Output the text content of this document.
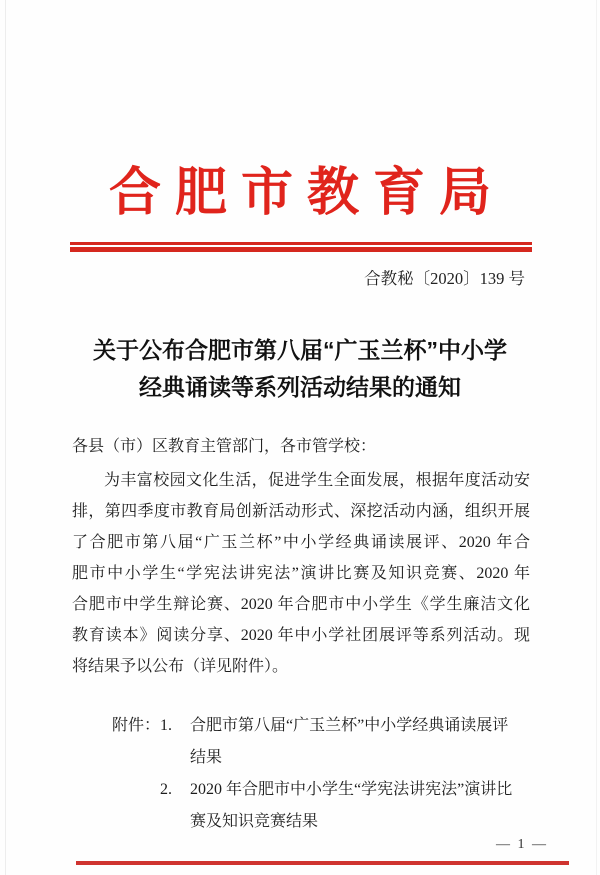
合肥市教育局
合教秘〔2020〕139 号
关于公布合肥市第八届“广玉兰杯”中小学
经典诵读等系列活动结果的通知
各县（市）区教育主管部门，各市管学校：
为丰富校园文化生活，促进学生全面发展，根据年度活动安
排，第四季度市教育局创新活动形式、深挖活动内涵，组织开展
了合肥市第八届“广玉兰杯”中小学经典诵读展评、2020 年合
肥市中小学生“学宪法讲宪法”演讲比赛及知识竞赛、2020 年
合肥市中学生辩论赛、2020 年合肥市中小学生《学生廉洁文化
教育读本》阅读分享、2020 年中小学社团展评等系列活动。现
将结果予以公布（详见附件）。
附件： 1.	合肥市第八届“广玉兰杯”中小学经典诵读展评
结果
2.	2020 年合肥市中小学生“学宪法讲宪法”演讲比
赛及知识竞赛结果
— 1 —
